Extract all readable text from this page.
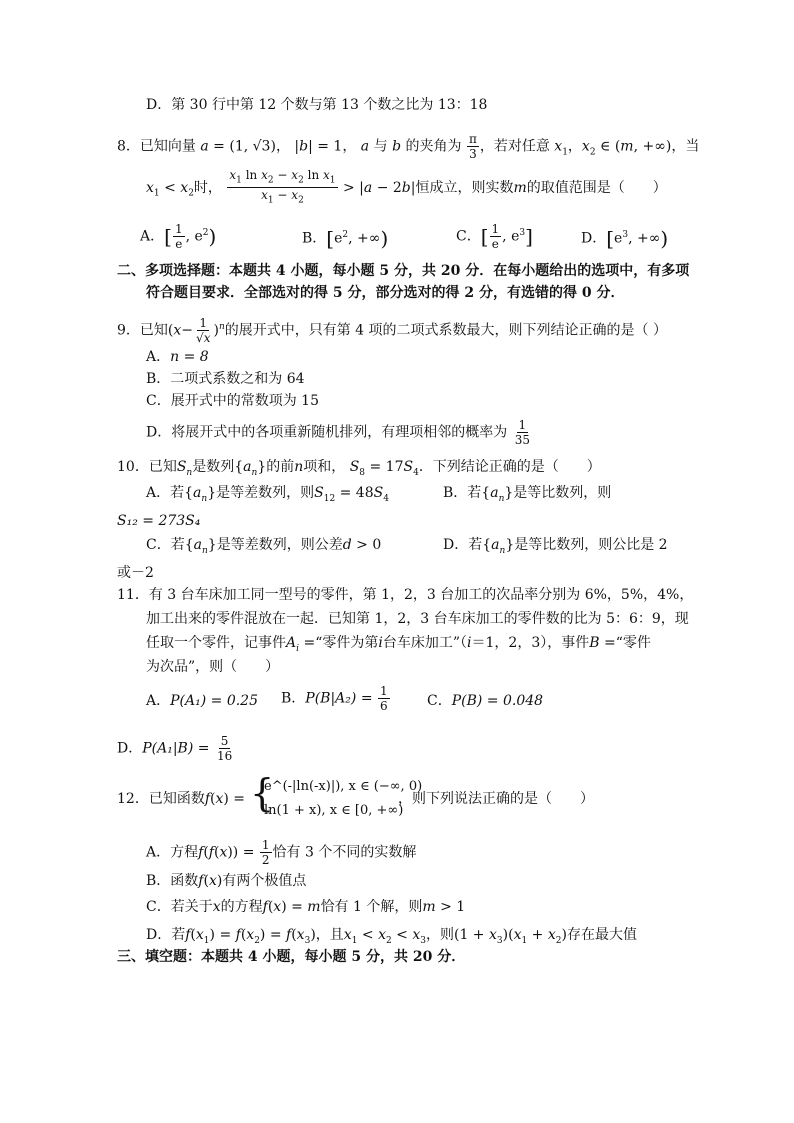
D．第 30 行中第 12 个数与第 13 个数之比为 13：18
8．已知向量 a = (1, √3)， |b| = 1， a 与 b 的夹角为 $\frac{\pi}{3}$ ，若对任意 $x_1$，$x_2$ ∈ (m, +∞)，当
$x_1 < x_2$时， $\frac{x_1 \ln x_2 - x_2 \ln x_1}{x_1 - x_2} > |a - 2b|$恒成立，则实数m的取值范围是（　　）
A．[ $\frac{1}{e}$ , $e^2$)	B．[$e^2$, +∞)	C．[ $\frac{1}{e}$ , $e^3$]	D．[$e^3$, +∞)
二、多项选择题：本题共 4 小题，每小题 5 分，共 20 分．在每小题给出的选项中，有多项
符合题目要求．全部选对的得 5 分，部分选对的得 2 分，有选错的得 0 分．
9．已知$(x- \frac{1}{√x} )^n$的展开式中，只有第 4 项的二项式系数最大，则下列结论正确的是（ ）
A．n = 8
B．二项式系数之和为 64
C．展开式中的常数项为 15
D．将展开式中的各项重新随机排列，有理项相邻的概率为 $\frac{1}{35}$
10．已知$S_n$是数列$\{a_n\}$的前n项和， $S_8 = 17S_4$．下列结论正确的是（　　）
A．若$\{a_n\}$是等差数列，则$S_{12} = 48S_4$	B．若$\{a_n\}$是等比数列，则
S₁₂ = 273S₄
C．若$\{a_n\}$是等差数列，则公差d > 0	D．若$\{a_n\}$是等比数列，则公比是 2
或－2
11．有 3 台车床加工同一型号的零件，第 1，2，3 台加工的次品率分别为 6%，5%，4%，
加工出来的零件混放在一起．已知第 1，2，3 台车床加工的零件数的比为 5：6：9，现
任取一个零件，记事件$A_i$ =“零件为第i台车床加工”（i＝1，2，3），事件B =“零件
为次品”，则（　　）
A．P(A₁) = 0.25 B．$P(B|A_2) = \frac{1}{6}$	C．P(B) = 0.048
D．$P(A_1|B) = \frac{5}{16}$
12．已知函数f(x) = {
e^(-|ln(-x)|), x ∈ (−∞, 0)
ln(1 + x), x ∈ [0, +∞)
，则下列说法正确的是（　　）
A．方程$f(f(x)) = \frac{1}{2}$ 恰有 3 个不同的实数解
B．函数f(x)有两个极值点
C．若关于x的方程f(x) = m恰有 1 个解，则m > 1
D．若$f(x_1) = f(x_2) = f(x_3)$，且$x_1 < x_2 < x_3$，则$(1 + x_3)(x_1 + x_2)$存在最大值
三、填空题：本题共 4 小题，每小题 5 分，共 20 分．
